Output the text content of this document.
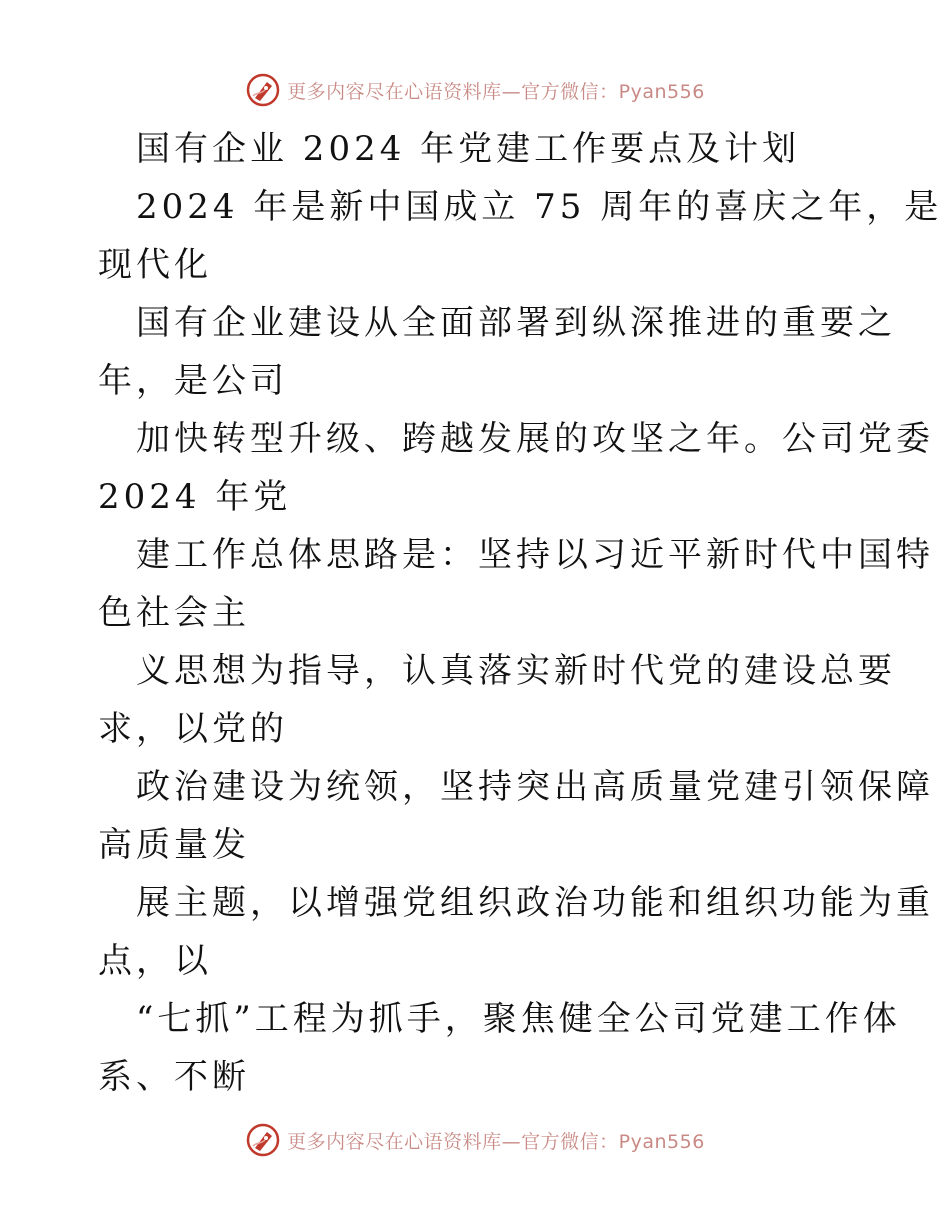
更多内容尽在心语资料库—官方微信：Pyan556
国有企业 2024 年党建工作要点及计划
2024 年是新中国成立 75 周年的喜庆之年，是
现代化
国有企业建设从全面部署到纵深推进的重要之
年，是公司
加快转型升级、跨越发展的攻坚之年。公司党委
2024 年党
建工作总体思路是：坚持以习近平新时代中国特
色社会主
义思想为指导，认真落实新时代党的建设总要
求，以党的
政治建设为统领，坚持突出高质量党建引领保障
高质量发
展主题，以增强党组织政治功能和组织功能为重
点，以
“七抓”工程为抓手，聚焦健全公司党建工作体
系、不断
更多内容尽在心语资料库—官方微信：Pyan556
